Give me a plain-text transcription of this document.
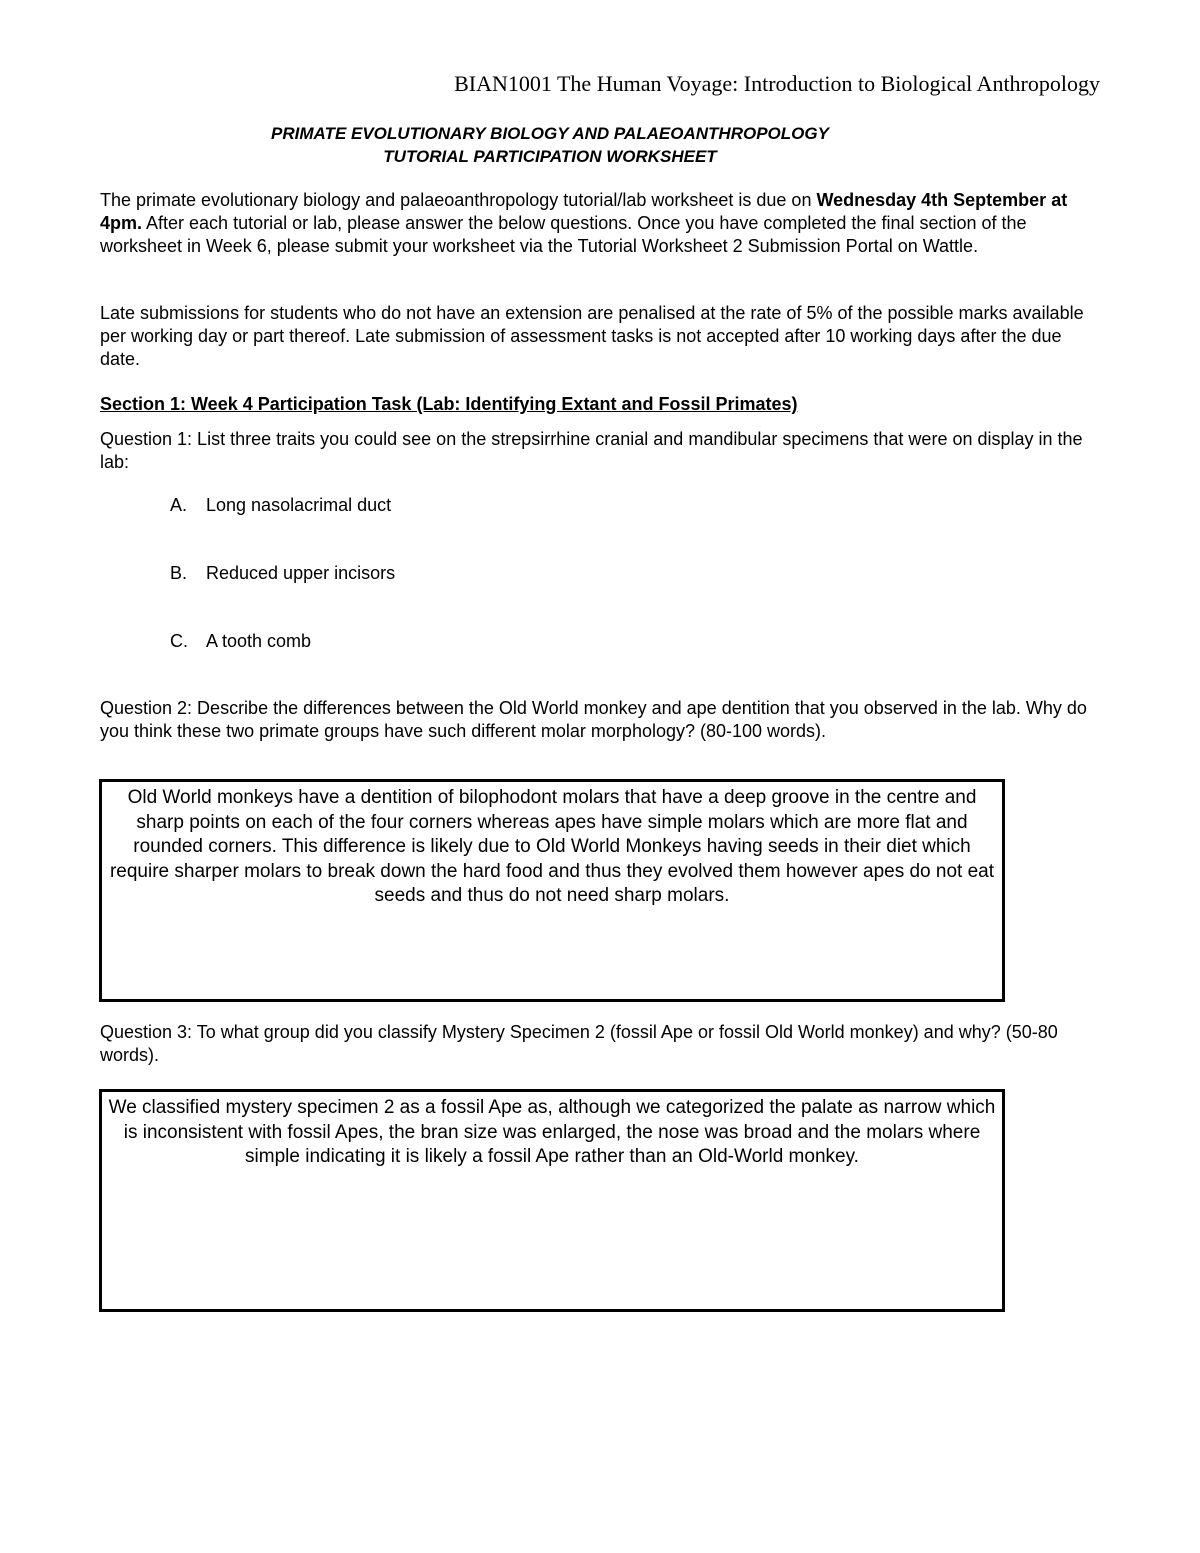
BIAN1001 The Human Voyage: Introduction to Biological Anthropology
PRIMATE EVOLUTIONARY BIOLOGY AND PALAEOANTHROPOLOGY
TUTORIAL PARTICIPATION WORKSHEET

The primate evolutionary biology and palaeoanthropology tutorial/lab worksheet is due on Wednesday 4th September at 4pm. After each tutorial or lab, please answer the below questions. Once you have completed the final section of the worksheet in Week 6, please submit your worksheet via the Tutorial Worksheet 2 Submission Portal on Wattle.

Late submissions for students who do not have an extension are penalised at the rate of 5% of the possible marks available per working day or part thereof. Late submission of assessment tasks is not accepted after 10 working days after the due date.

Section 1: Week 4 Participation Task (Lab: Identifying Extant and Fossil Primates)

Question 1: List three traits you could see on the strepsirrhine cranial and mandibular specimens that were on display in the lab:

A. Long nasolacrimal duct
B. Reduced upper incisors
C. A tooth comb

Question 2: Describe the differences between the Old World monkey and ape dentition that you observed in the lab. Why do you think these two primate groups have such different molar morphology? (80-100 words).

Old World monkeys have a dentition of bilophodont molars that have a deep groove in the centre and sharp points on each of the four corners whereas apes have simple molars which are more flat and rounded corners. This difference is likely due to Old World Monkeys having seeds in their diet which require sharper molars to break down the hard food and thus they evolved them however apes do not eat seeds and thus do not need sharp molars.

Question 3: To what group did you classify Mystery Specimen 2 (fossil Ape or fossil Old World monkey) and why? (50-80 words).

We classified mystery specimen 2 as a fossil Ape as, although we categorized the palate as narrow which is inconsistent with fossil Apes, the bran size was enlarged, the nose was broad and the molars where simple indicating it is likely a fossil Ape rather than an Old-World monkey.
